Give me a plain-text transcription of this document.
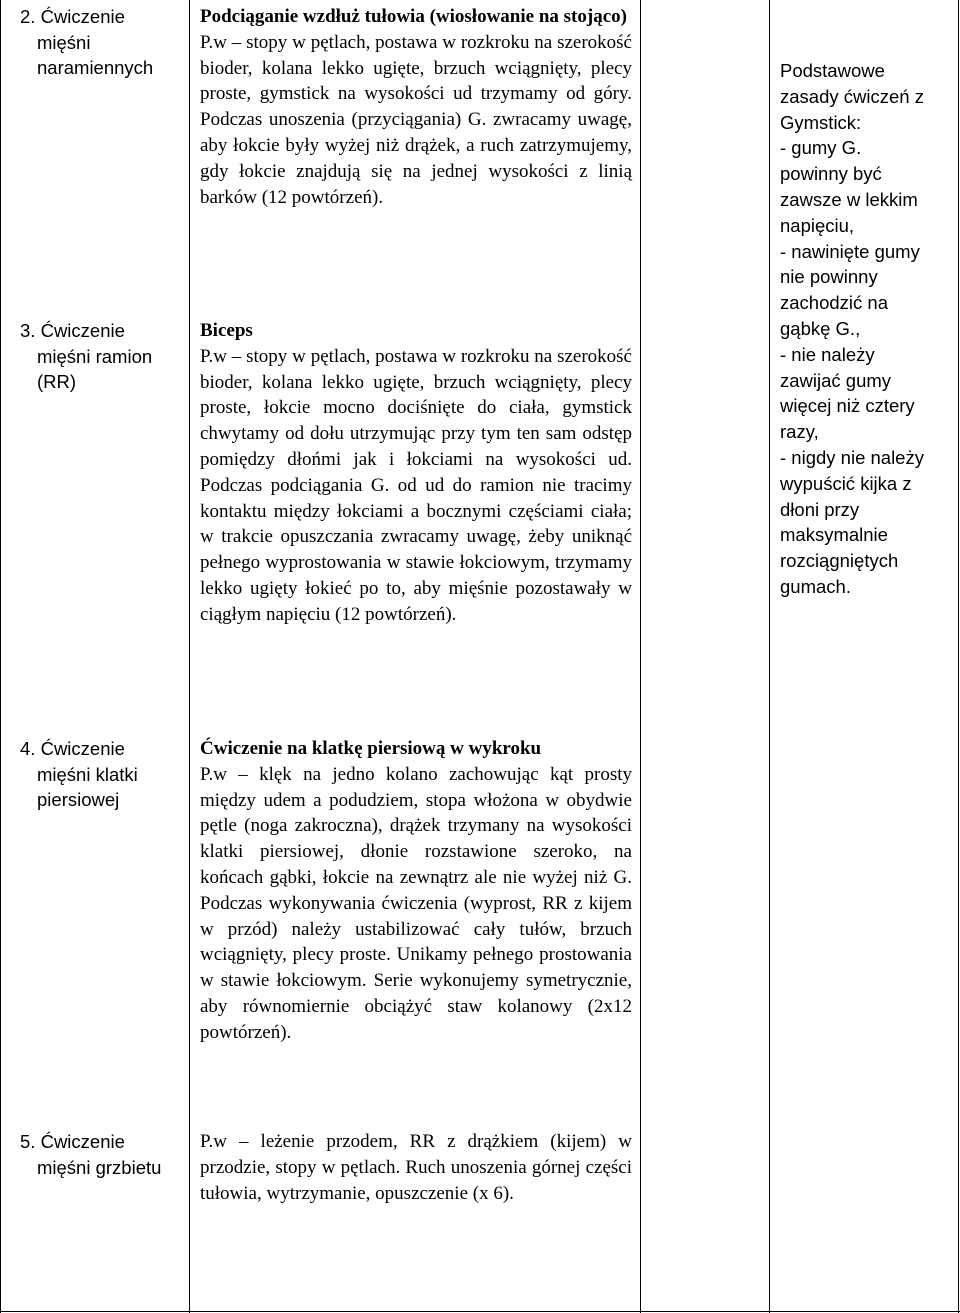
2. Ćwiczenie
mięśni
naramiennych
3. Ćwiczenie
mięśni ramion
(RR)
4. Ćwiczenie
mięśni klatki
piersiowej
5. Ćwiczenie
mięśni grzbietu

Podciąganie wzdłuż tułowia (wiosłowanie na stojąco)

P.w – stopy w pętlach, postawa w rozkroku na szerokość bioder, kolana lekko ugięte, brzuch wciągnięty, plecy proste, gymstick na wysokości ud trzymamy od góry. Podczas unoszenia (przyciągania) G. zwracamy uwagę, aby łokcie były wyżej niż drążek, a ruch zatrzymujemy, gdy łokcie znajdują się na jednej wysokości z linią barków (12 powtórzeń).

Biceps

P.w – stopy w pętlach, postawa w rozkroku na szerokość bioder, kolana lekko ugięte, brzuch wciągnięty, plecy proste, łokcie mocno dociśnięte do ciała, gymstick chwytamy od dołu utrzymując przy tym ten sam odstęp pomiędzy dłońmi jak i łokciami na wysokości ud. Podczas podciągania G. od ud do ramion nie tracimy kontaktu między łokciami a bocznymi częściami ciała; w trakcie opuszczania zwracamy uwagę, żeby uniknąć pełnego wyprostowania w stawie łokciowym, trzymamy lekko ugięty łokieć po to, aby mięśnie pozostawały w ciągłym napięciu (12 powtórzeń).

Ćwiczenie na klatkę piersiową w wykroku

P.w – klęk na jedno kolano zachowując kąt prosty między udem a podudziem, stopa włożona w obydwie pętle (noga zakroczna), drążek trzymany na wysokości klatki piersiowej, dłonie rozstawione szeroko, na końcach gąbki, łokcie na zewnątrz ale nie wyżej niż G. Podczas wykonywania ćwiczenia (wyprost, RR z kijem w przód) należy ustabilizować cały tułów, brzuch wciągnięty, plecy proste. Unikamy pełnego prostowania w stawie łokciowym. Serie wykonujemy symetrycznie, aby równomiernie obciążyć staw kolanowy (2x12 powtórzeń).

P.w – leżenie przodem, RR z drążkiem (kijem) w przodzie, stopy w pętlach. Ruch unoszenia górnej części tułowia, wytrzymanie, opuszczenie (x 6).

Podstawowe
zasady ćwiczeń z
Gymstick:
- gumy G.
powinny być
zawsze w lekkim
napięciu,
- nawinięte gumy
nie powinny
zachodzić na
gąbkę G.,
- nie należy
zawijać gumy
więcej niż cztery
razy,
- nigdy nie należy
wypuścić kijka z
dłoni przy
maksymalnie
rozciągniętych
gumach.
